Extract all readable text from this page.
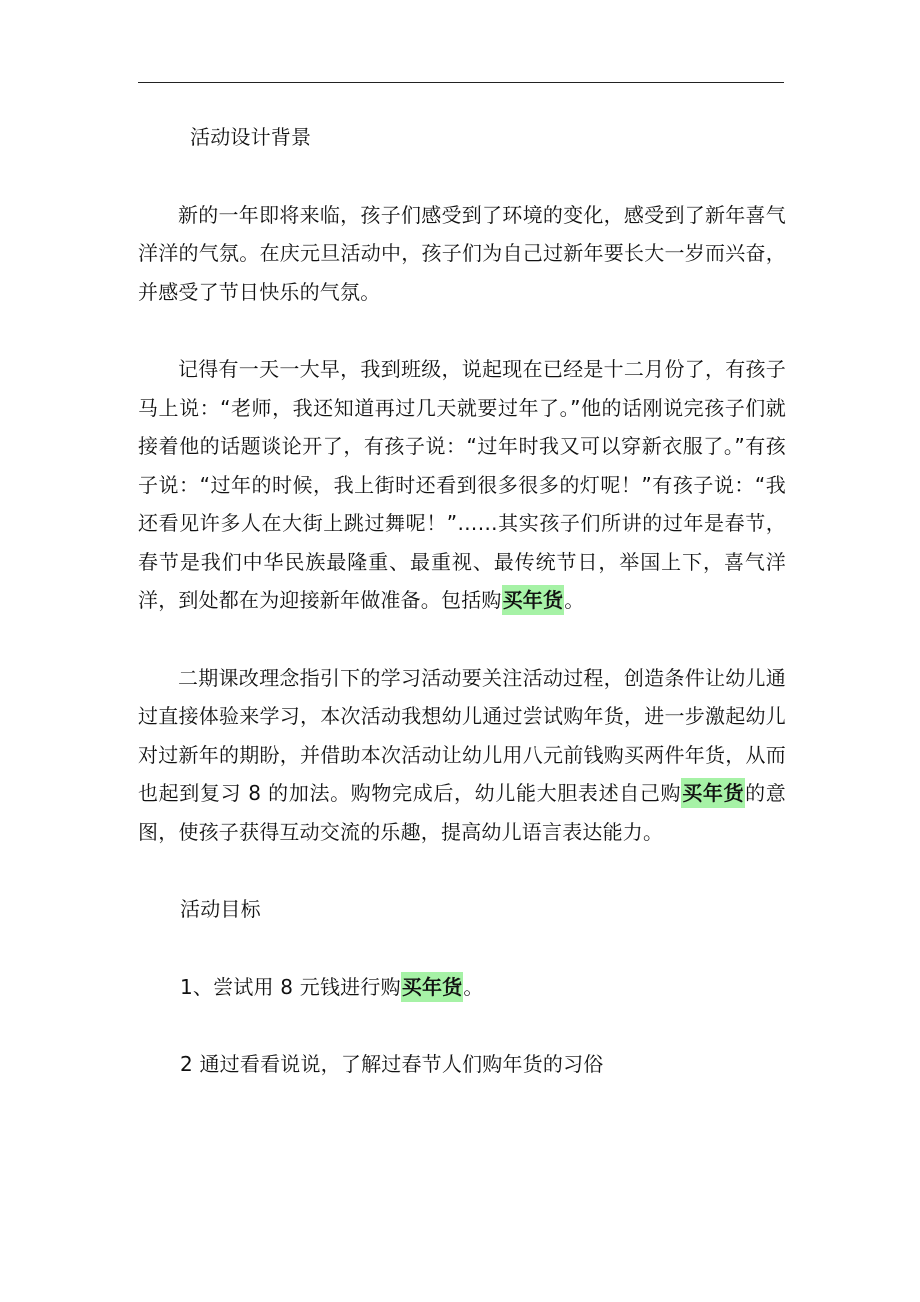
活动设计背景

新的一年即将来临，孩子们感受到了环境的变化，感受到了新年喜气洋洋的气氛。在庆元旦活动中，孩子们为自己过新年要长大一岁而兴奋，并感受了节日快乐的气氛。

记得有一天一大早，我到班级，说起现在已经是十二月份了，有孩子马上说：“老师，我还知道再过几天就要过年了。”他的话刚说完孩子们就接着他的话题谈论开了，有孩子说：“过年时我又可以穿新衣服了。”有孩子说：“过年的时候，我上街时还看到很多很多的灯呢！”有孩子说：“我还看见许多人在大街上跳过舞呢！”……其实孩子们所讲的过年是春节，春节是我们中华民族最隆重、最重视、最传统节日，举国上下，喜气洋洋，到处都在为迎接新年做准备。包括购买年货。

二期课改理念指引下的学习活动要关注活动过程，创造条件让幼儿通过直接体验来学习，本次活动我想幼儿通过尝试购年货，进一步激起幼儿对过新年的期盼，并借助本次活动让幼儿用八元前钱购买两件年货，从而也起到复习 8 的加法。购物完成后，幼儿能大胆表述自己购买年货的意图，使孩子获得互动交流的乐趣，提高幼儿语言表达能力。

活动目标
1、尝试用 8 元钱进行购买年货。
2 通过看看说说，了解过春节人们购年货的习俗
